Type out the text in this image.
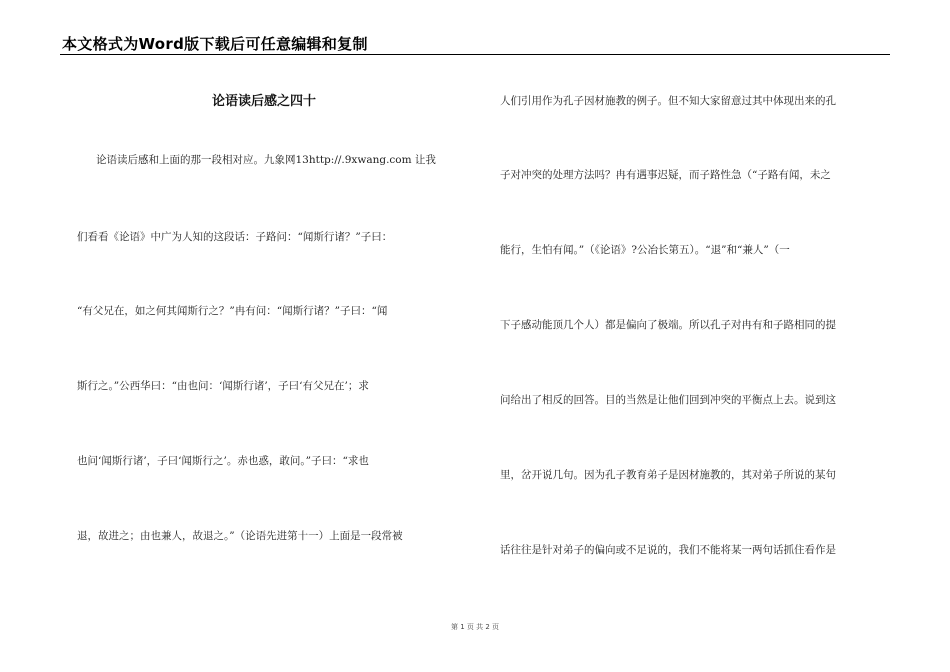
本文格式为Word版下载后可任意编辑和复制
论语读后感之四十
　　论语读后感和上面的那一段相对应。九象网13http://.9xwang.com 让我
们看看《论语》中广为人知的这段话：子路问：“闻斯行诸？”子曰：
“有父兄在，如之何其闻斯行之？”冉有问：“闻斯行诸？”子曰：“闻
斯行之。”公西华曰：“由也问：‘闻斯行诸’，子曰‘有父兄在’；求
也问‘闻斯行诸’，子曰‘闻斯行之’。赤也惑，敢问。”子曰：“求也
退，故进之；由也兼人，故退之。”（论语先进第十一）上面是一段常被
人们引用作为孔子因材施教的例子。但不知大家留意过其中体现出来的孔
子对冲突的处理方法吗？冉有遇事迟疑，而子路性急（“子路有闻，未之
能行，生怕有闻。”（《论语》?公冶长第五）。“退”和“兼人”（一
下子感动能顶几个人）都是偏向了极端。所以孔子对冉有和子路相同的提
问给出了相反的回答。目的当然是让他们回到冲突的平衡点上去。说到这
里，岔开说几句。因为孔子教育弟子是因材施教的，其对弟子所说的某句
话往往是针对弟子的偏向或不足说的，我们不能将某一两句话抓住看作是
第 1 页 共 2 页
